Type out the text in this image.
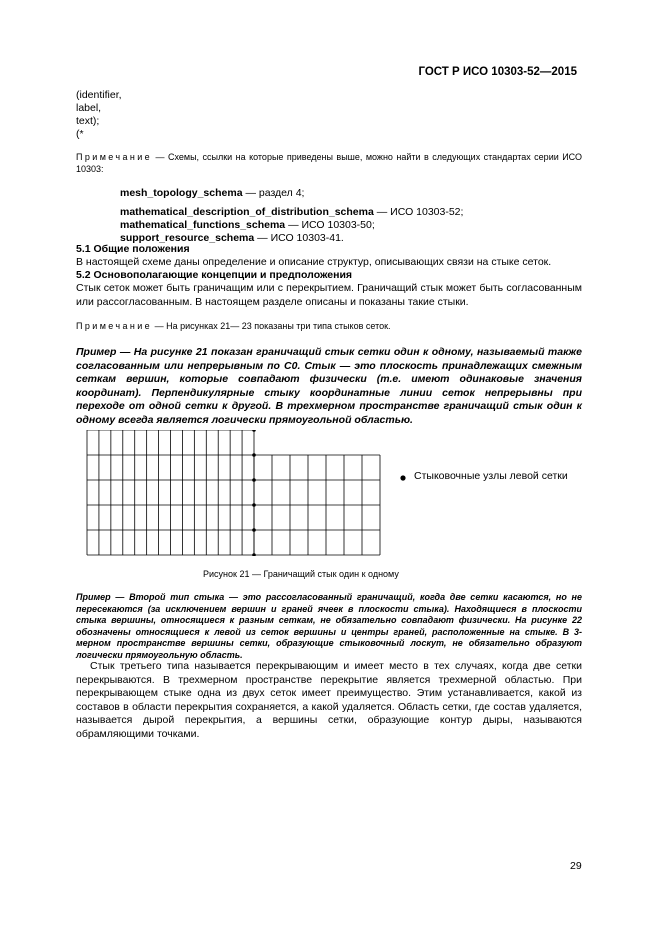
ГОСТ Р ИСО 10303-52—2015
(identifier,
label,
text);
(*
Примечание — Схемы, ссылки на которые приведены выше, можно найти в следующих стандартах серии ИСО 10303:
mesh_topology_schema — раздел 4;
mathematical_description_of_distribution_schema — ИСО 10303-52;
mathematical_functions_schema — ИСО 10303-50;
support_resource_schema — ИСО 10303-41.
5.1 Общие положения
В настоящей схеме даны определение и описание структур, описывающих связи на стыке сеток.
5.2 Основополагающие концепции и предположения
Стык сеток может быть граничащим или с перекрытием. Граничащий стык может быть согласованным или рассогласованным. В настоящем разделе описаны и показаны такие стыки.
Примечание — На рисунках 21— 23 показаны три типа стыков сеток.
Пример — На рисунке 21 показан граничащий стык сетки один к одному, называемый также согласованным или непрерывным по C0. Стык — это плоскость принадлежащих смежным сеткам вершин, которые совпадают физически (т.е. имеют одинаковые значения координат). Перпендикулярные стыку координатные линии сеток непрерывны при переходе от одной сетки к другой. В трехмерном пространстве граничащий стык один к одному всегда является логически прямоугольной областью.
Стыковочные узлы левой сетки
Рисунок 21 — Граничащий стык один к одному
Пример — Второй тип стыка — это рассогласованный граничащий, когда две сетки касаются, но не пересекаются (за исключением вершин и граней ячеек в плоскости стыка). Находящиеся в плоскости стыка вершины, относящиеся к разным сеткам, не обязательно совпадают физически. На рисунке 22 обозначены относящиеся к левой из сеток вершины и центры граней, расположенные на стыке. В 3-мерном пространстве вершины сетки, образующие стыковочный лоскут, не обязательно образуют логически прямоугольную область.
Стык третьего типа называется перекрывающим и имеет место в тех случаях, когда две сетки перекрываются. В трехмерном пространстве перекрытие является трехмерной областью. При перекрывающем стыке одна из двух сеток имеет преимущество. Этим устанавливается, какой из составов в области перекрытия сохраняется, а какой удаляется. Область сетки, где состав удаляется, называется дырой перекрытия, а вершины сетки, образующие контур дыры, называются обрамляющими точками.
29
